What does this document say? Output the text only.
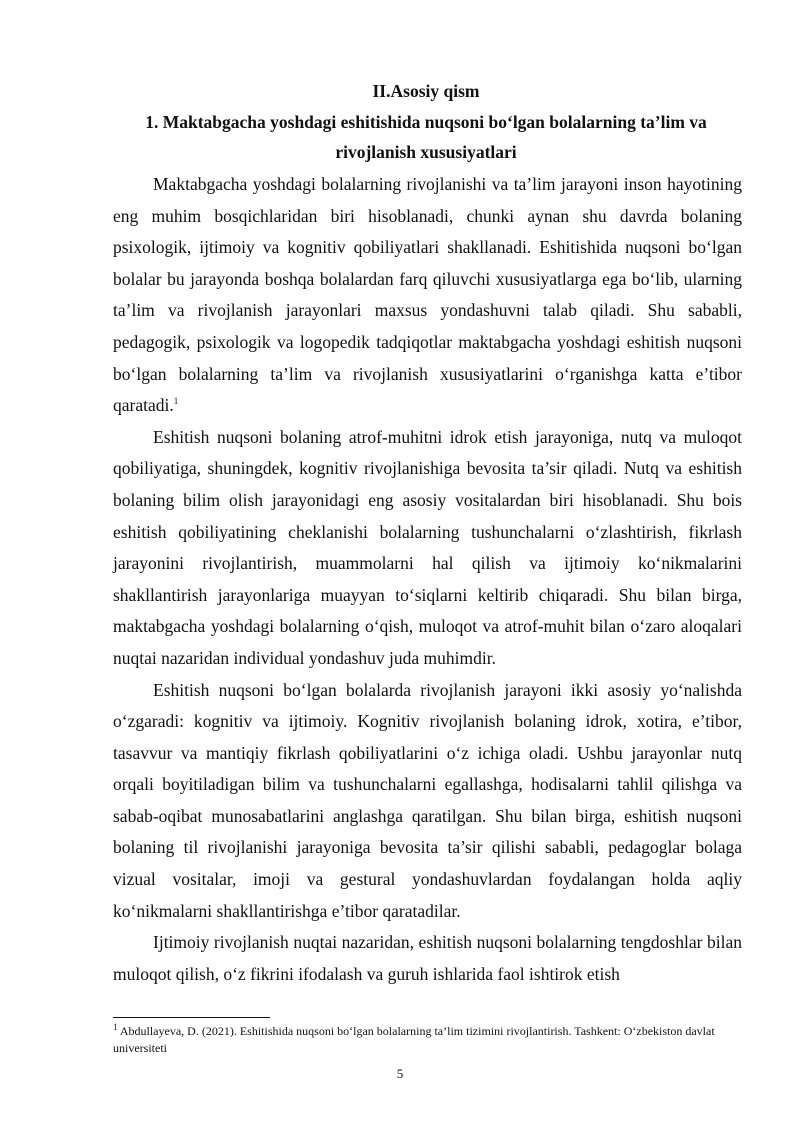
II.Asosiy qism
1. Maktabgacha yoshdagi eshitishida nuqsoni bo‘lgan bolalarning ta’lim va rivojlanish xususiyatlari

Maktabgacha yoshdagi bolalarning rivojlanishi va ta’lim jarayoni inson hayotining eng muhim bosqichlaridan biri hisoblanadi, chunki aynan shu davrda bolaning psixologik, ijtimoiy va kognitiv qobiliyatlari shakllanadi. Eshitishida nuqsoni bo‘lgan bolalar bu jarayonda boshqa bolalardan farq qiluvchi xususiyatlarga ega bo‘lib, ularning ta’lim va rivojlanish jarayonlari maxsus yondashuvni talab qiladi. Shu sababli, pedagogik, psixologik va logopedik tadqiqotlar maktabgacha yoshdagi eshitish nuqsoni bo‘lgan bolalarning ta’lim va rivojlanish xususiyatlarini o‘rganishga katta e’tibor qaratadi.$^1$

Eshitish nuqsoni bolaning atrof-muhitni idrok etish jarayoniga, nutq va muloqot qobiliyatiga, shuningdek, kognitiv rivojlanishiga bevosita ta’sir qiladi. Nutq va eshitish bolaning bilim olish jarayonidagi eng asosiy vositalardan biri hisoblanadi. Shu bois eshitish qobiliyatining cheklanishi bolalarning tushunchalarni o‘zlashtirish, fikrlash jarayonini rivojlantirish, muammolarni hal qilish va ijtimoiy ko‘nikmalarini shakllantirish jarayonlariga muayyan to‘siqlarni keltirib chiqaradi. Shu bilan birga, maktabgacha yoshdagi bolalarning o‘qish, muloqot va atrof-muhit bilan o‘zaro aloqalari nuqtai nazaridan individual yondashuv juda muhimdir.

Eshitish nuqsoni bo‘lgan bolalarda rivojlanish jarayoni ikki asosiy yo‘nalishda o‘zgaradi: kognitiv va ijtimoiy. Kognitiv rivojlanish bolaning idrok, xotira, e’tibor, tasavvur va mantiqiy fikrlash qobiliyatlarini o‘z ichiga oladi. Ushbu jarayonlar nutq orqali boyitiladigan bilim va tushunchalarni egallashga, hodisalarni tahlil qilishga va sabab-oqibat munosabatlarini anglashga qaratilgan. Shu bilan birga, eshitish nuqsoni bolaning til rivojlanishi jarayoniga bevosita ta’sir qilishi sababli, pedagoglar bolaga vizual vositalar, imoji va gestural yondashuvlardan foydalangan holda aqliy ko‘nikmalarni shakllantirishga e’tibor qaratadilar.

Ijtimoiy rivojlanish nuqtai nazaridan, eshitish nuqsoni bolalarning tengdoshlar bilan muloqot qilish, o‘z fikrini ifodalash va guruh ishlarida faol ishtirok etish

$^1$ Abdullayeva, D. (2021). Eshitishida nuqsoni bo‘lgan bolalarning ta’lim tizimini rivojlantirish. Tashkent: O‘zbekiston davlat universiteti
5
